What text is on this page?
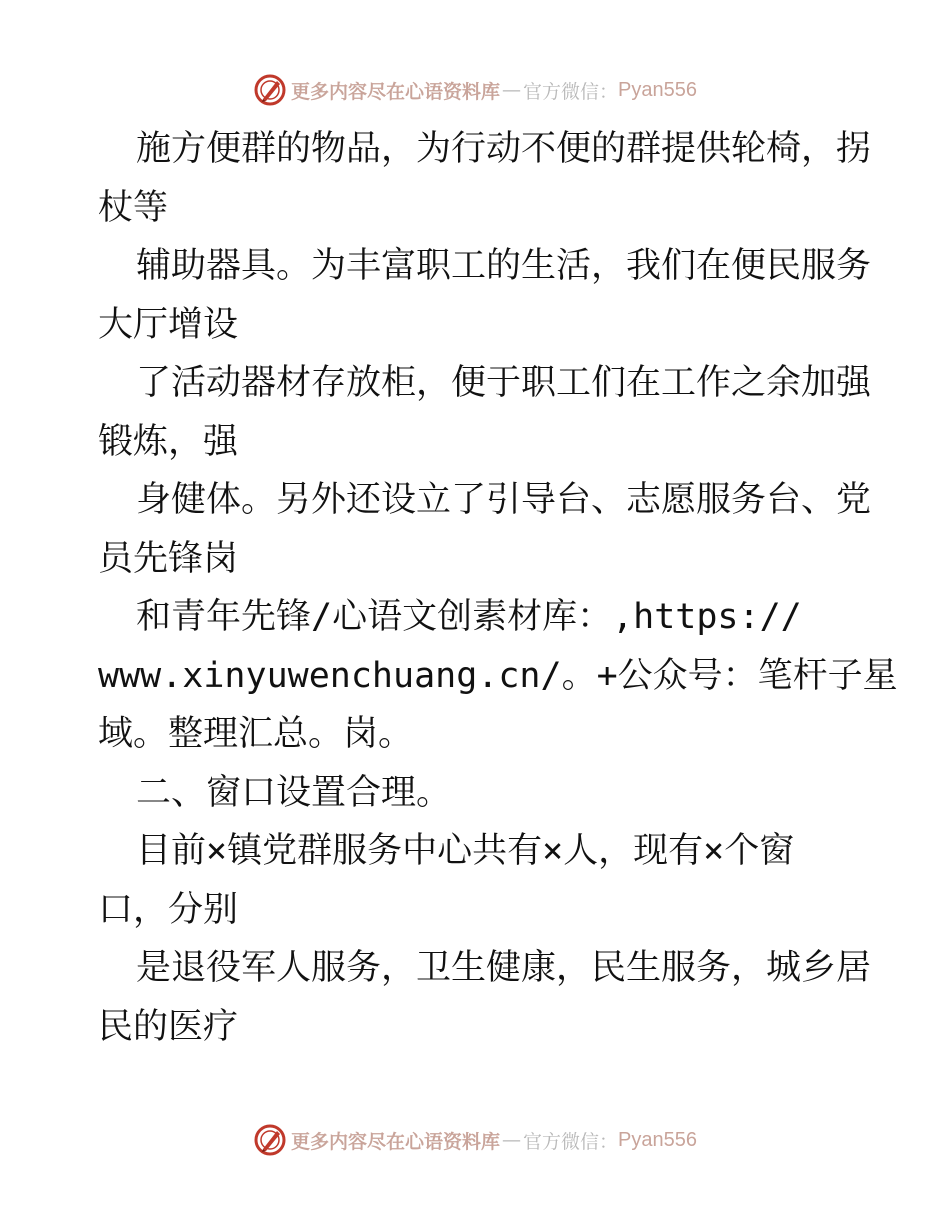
更多内容尽在心语资料库 — 官方微信： Pyan556
施方便群的物品，为行动不便的群提供轮椅，拐
杖等
辅助器具。为丰富职工的生活，我们在便民服务
大厅增设
了活动器材存放柜，便于职工们在工作之余加强
锻炼，强
身健体。另外还设立了引导台、志愿服务台、党
员先锋岗
和青年先锋/心语文创素材库：,https://
www.xinyuwenchuang.cn/。+公众号：笔杆子星
域。整理汇总。岗。
二、窗口设置合理。
目前×镇党群服务中心共有×人，现有×个窗
口，分别
是退役军人服务，卫生健康，民生服务，城乡居
民的医疗
更多内容尽在心语资料库 — 官方微信： Pyan556
